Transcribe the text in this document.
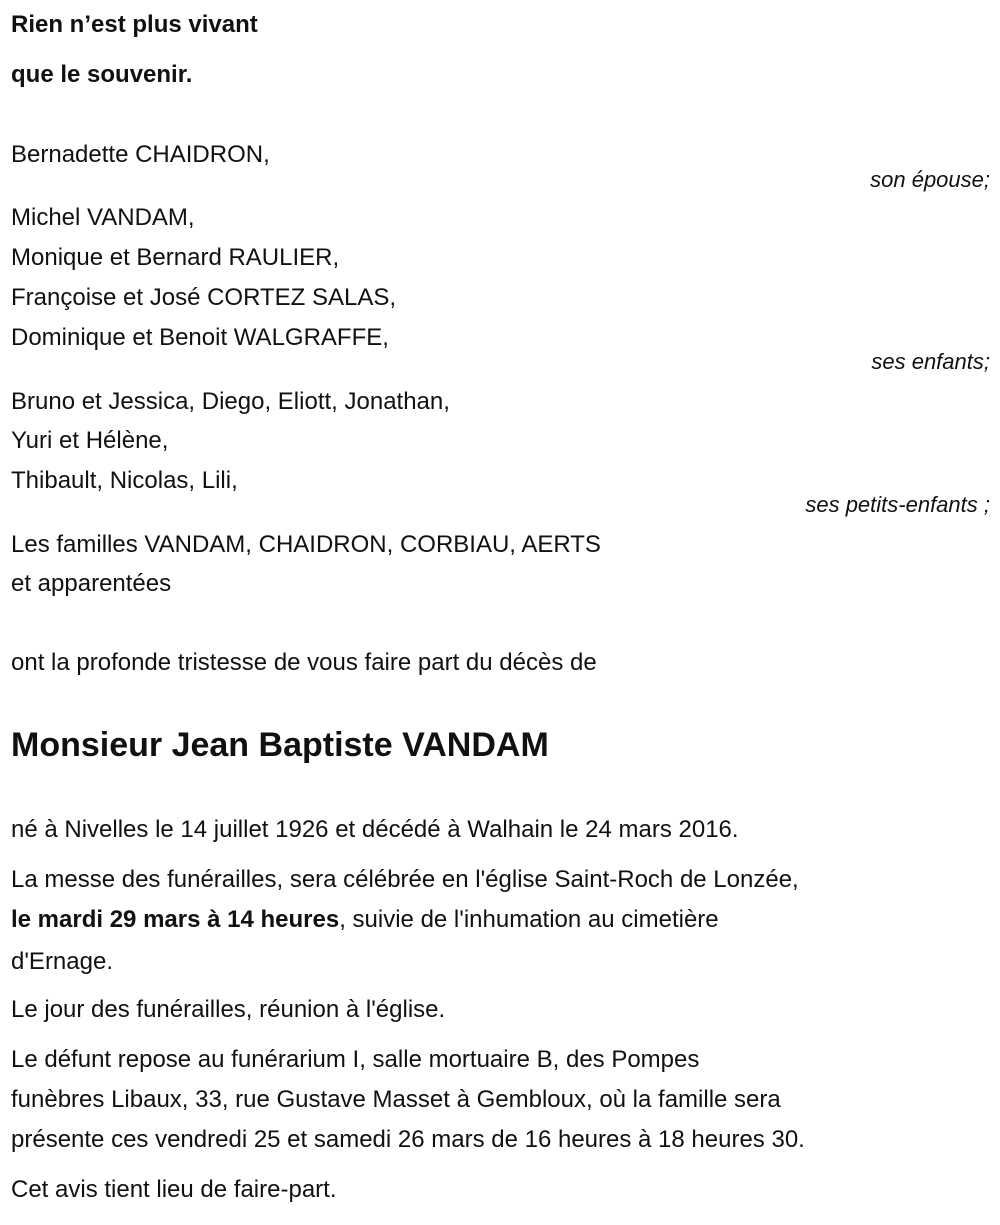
Rien n’est plus vivant
que le souvenir.
Bernadette CHAIDRON,
son épouse;
Michel VANDAM,
Monique et Bernard RAULIER,
Françoise et José CORTEZ SALAS,
Dominique et Benoit WALGRAFFE,
ses enfants;
Bruno et Jessica, Diego, Eliott, Jonathan,
Yuri et Hélène,
Thibault, Nicolas, Lili,
ses petits-enfants ;
Les familles VANDAM, CHAIDRON, CORBIAU, AERTS
et apparentées
ont la profonde tristesse de vous faire part du décès de
Monsieur Jean Baptiste VANDAM
né à Nivelles le 14 juillet 1926 et décédé à Walhain le 24 mars 2016.
La messe des funérailles, sera célébrée en l'église Saint-Roch de Lonzée,
le mardi 29 mars à 14 heures, suivie de l'inhumation au cimetière
d'Ernage.
Le jour des funérailles, réunion à l'église.
Le défunt repose au funérarium I, salle mortuaire B, des Pompes
funèbres Libaux, 33, rue Gustave Masset à Gembloux, où la famille sera
présente ces vendredi 25 et samedi 26 mars de 16 heures à 18 heures 30.
Cet avis tient lieu de faire-part.
